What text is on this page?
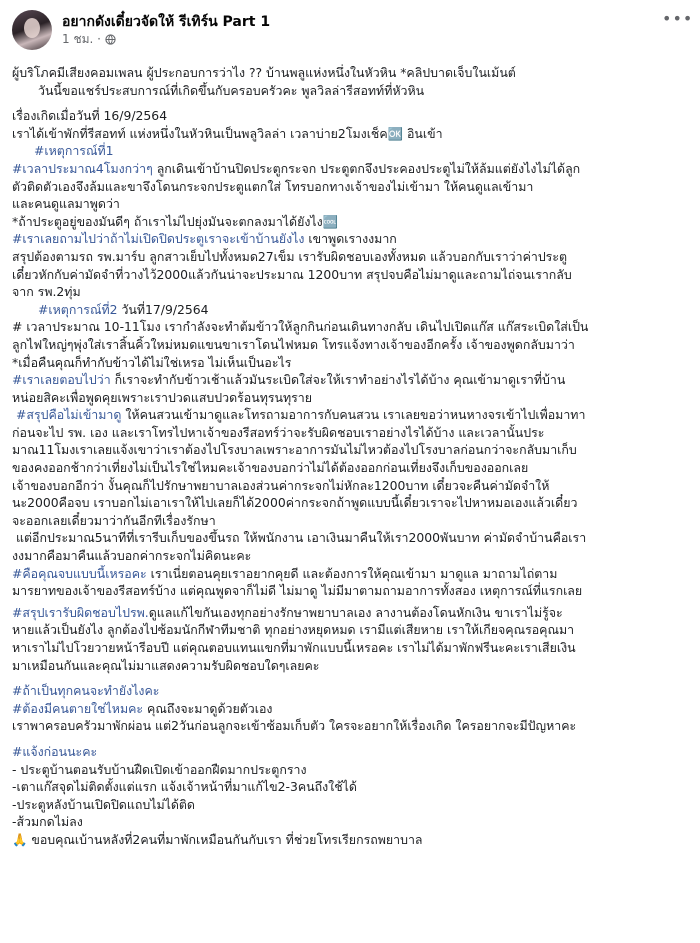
อยากดังเดี๋ยวจัดให้ รีเทิร์น Part 1
1 ชม. ·
•••
ผู้บริโภคมีเสียงคอมเพลน ผู้ประกอบการว่าไง ?? บ้านพลูแห่งหนึ่งในหัวหิน *คลิปบาดเจ็บในเม้นต์
วันนี้ขอแชร์ประสบการณ์ที่เกิดขึ้นกับครอบครัวคะ พูลวิลล่ารีสอทท์ที่หัวหิน
เรื่องเกิดเมื่อวันที่ 16/9/2564
เราได้เข้าพักที่รีสอทท์ แห่งหนึ่งในหัวหินเป็นพลูวิลล่า เวลาบ่าย2โมงเช็ค🆗 อินเข้า
#เหตุการณ์ที่1
#เวลาประมาณ4โมงกว่าๆ ลูกเดินเข้าบ้านปิดประตูกระจก ประตูตกจึงประคองประตูไม่ให้ล้มแต่ยังไงไม่ได้ลูก
ตัวติดตัวเองจึงล้มและขาจึงโดนกระจกประตูแตกใส่ โทรบอกทางเจ้าของไม่เข้ามา ให้คนดูแลเข้ามา
และคนดูแลมาพูดว่า
*ถ้าประตูอยู่ของมันดีๆ ถ้าเราไม่ไปยุ่งมันจะตกลงมาได้ยังไง🆒
#เราเลยถามไปว่าถ้าไม่เปิดปิดประตูเราจะเข้าบ้านยังไง เขาพูดเรางงมาก
สรุปต้องตามรถ รพ.มาร์บ ลูกสาวเย็บไปทั้งหมด27เข็ม เรารับผิดชอบเองทั้งหมด แล้วบอกกับเราว่าค่าประตู
เดี๋ยวหักกับค่ามัดจำที่วางไว้2000แล้วกันน่าจะประมาณ 1200บาท สรุปจบคือไม่มาดูและถามไถ่จนเรากลับ
จาก รพ.2ทุ่ม
#เหตุการณ์ที่2 วันที่17/9/2564
# เวลาประมาณ 10-11โมง เรากำลังจะทำต้มข้าวให้ลูกกินก่อนเดินทางกลับ เดินไปเปิดแก๊ส แก๊สระเบิดใส่เป็น
ลูกไฟใหญ่ๆพุ่งใส่เราสิ้นคิ้วใหม่หมดแขนขาเราโดนไฟหมด โทรแจ้งทางเจ้าของอีกครั้ง เจ้าของพูดกลับมาว่า
*เมื่อคืนคุณก็ทำกับข้าวได้ไม่ใช่เหรอ ไม่เห็นเป็นอะไร
#เราเลยตอบไปว่า ก็เราจะทำกับข้าวเช้าแล้วมันระเบิดใส่จะให้เราทำอย่างไรได้บ้าง คุณเข้ามาดูเราที่บ้าน
หน่อยสิคะเพื่อพูดคุยเพราะเราปวดแสบปวดร้อนทุรนทุราย
#สรุปคือไม่เข้ามาดู ให้คนสวนเข้ามาดูและโทรถามอาการกับคนสวน เราเลยขอว่าหนหางจรเข้าไปเพื่อมาทา
ก่อนจะไป รพ. เอง และเราโทรไปหาเจ้าของรีสอทร์ว่าจะรับผิดชอบเราอย่างไรได้บ้าง และเวลานั้นประ
มาณ11โมงเราเลยแจ้งเขาว่าเราต้องไปโรงบาลเพราะอาการมันไม่ไหวต้องไปโรงบาลก่อนกว่าจะกลับมาเก็บ
ของคงออกช้ากว่าเที่ยงไม่เป็นไรใช่ไหมคะเจ้าของบอกว่าไม่ได้ต้องออกก่อนเที่ยงจึงเก็บของออกเลย
เจ้าของบอกอีกว่า งั้นคุณก็ไปรักษาพยาบาลเองส่วนค่ากระจกไม่หักละ1200บาท เดี๋ยวจะคืนค่ามัดจำให้
นะ2000คือจบ เราบอกไม่เอาเราให้ไปเลยก็ได้2000ค่ากระจกถ้าพูดแบบนี้เดี๋ยวเราจะไปหาหมอเองแล้วเดี๋ยว
จะออกเลยเดี๋ยวมาว่ากันอีกทีเรื่องรักษา
แต่อีกประมาณ5นาทีที่เรารีบเก็บของขึ้นรถ ให้พนักงาน เอาเงินมาคืนให้เรา2000พันบาท ค่ามัดจำบ้านคือเรา
งงมากคือมาคืนแล้วบอกค่ากระจกไม่คิดนะคะ
#คือคุณจบแบบนี้เหรอคะ เราเนี่ยตอนคุยเราอยากคุยดี และต้องการให้คุณเข้ามา มาดูแล มาถามไถ่ตาม
มารยาทของเจ้าของรีสอทร์บ้าง แต่คุณพูดจาก็ไม่ดี ไม่มาดู ไม่มีมาตามถามอาการทั้งสอง เหตุการณ์ที่แรกเลย
#สรุปเรารับผิดชอบไปรพ.ดูแลแก้ไขกันเองทุกอย่างรักษาพยาบาลเอง ลางานต้องโดนหักเงิน ขาเราไม่รู้จะ
หายแล้วเป็นยังไง ลูกต้องไปซ้อมนักกีฬาทีมชาติ ทุกอย่างหยุดหมด เรามีแต่เสียหาย เราให้เกียจคุณรอคุณมา
หาเราไม่ไปโวยวายหน้ารีอบปี แต่คุณตอบแทนแขกที่มาพักแบบนี้เหรอคะ เราไม่ได้มาพักฟรีนะคะเราเสียเงิน
มาเหมือนกันและคุณไม่มาแสดงความรับผิดชอบใดๆเลยคะ
#ถ้าเป็นทุกคนจะทำยังไงคะ
#ต้องมีคนตายใช่ไหมคะ คุณถึงจะมาดูด้วยตัวเอง
เราพาครอบครัวมาพักผ่อน แต่2วันก่อนลูกจะเข้าซ้อมเก็บตัว ใครจะอยากให้เรื่องเกิด ใครอยากจะมีปัญหาคะ
#แจ้งก่อนนะคะ
- ประตูบ้านตอนรับบ้านฝืดเปิดเข้าออกฝืดมากประตูกราง
-เตาแก๊สจุดไม่ติดตั้งแต่แรก แจ้งเจ้าหน้าที่มาแก้ไข2-3คนถึงใช้ได้
-ประตูหลังบ้านเปิดปิดแถบไม่ได้ติด
-ส้วมกดไม่ลง
🙏 ขอบคุณเบ้านหลังที่2คนที่มาพักเหมือนกันกับเรา ที่ช่วยโทรเรียกรถพยาบาล
